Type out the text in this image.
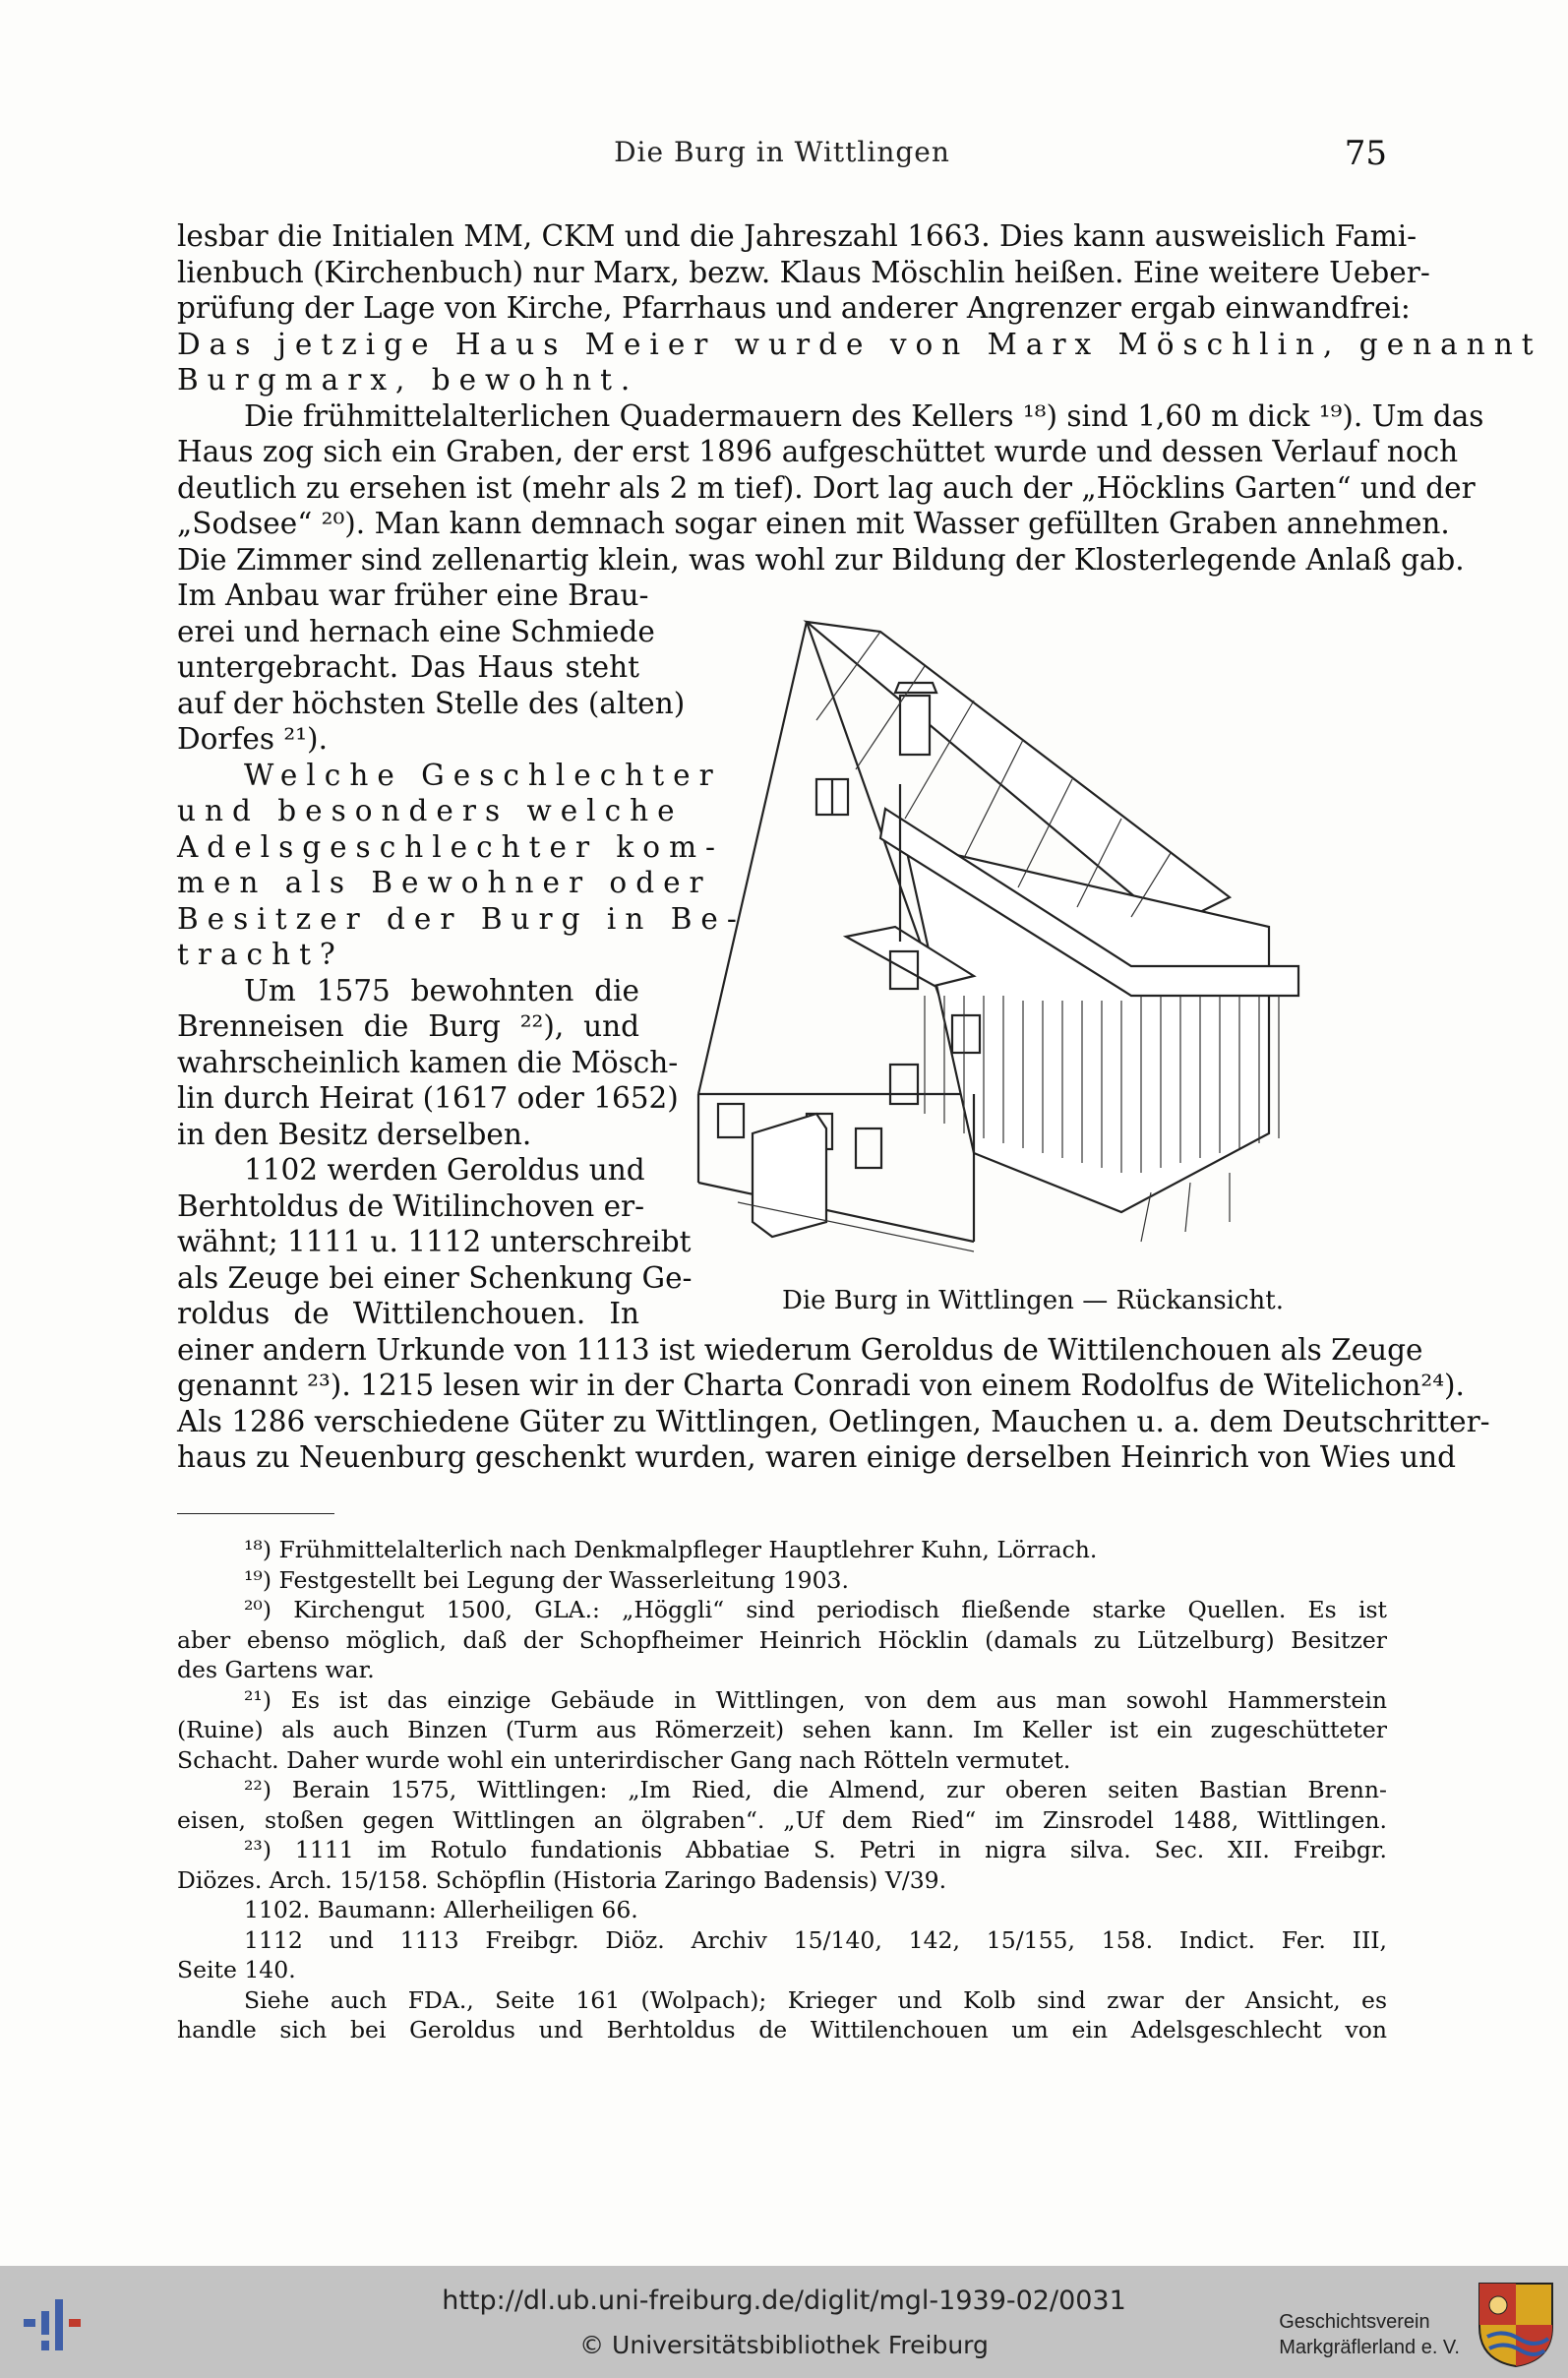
Die Burg in Wittlingen	75
lesbar die Initialen MM, CKM und die Jahreszahl 1663. Dies kann ausweislich Fami-
lienbuch (Kirchenbuch) nur Marx, bezw. Klaus Möschlin heißen. Eine weitere Ueber-
prüfung der Lage von Kirche, Pfarrhaus und anderer Angrenzer ergab einwandfrei:
Das jetzige Haus Meier wurde von Marx Möschlin, genannt
Burgmarx, bewohnt.
Die frühmittelalterlichen Quadermauern des Kellers ¹⁸) sind 1,60 m dick ¹⁹). Um das
Haus zog sich ein Graben, der erst 1896 aufgeschüttet wurde und dessen Verlauf noch
deutlich zu ersehen ist (mehr als 2 m tief). Dort lag auch der „Höcklins Garten“ und der
„Sodsee“ ²⁰). Man kann demnach sogar einen mit Wasser gefüllten Graben annehmen.
Die Zimmer sind zellenartig klein, was wohl zur Bildung der Klosterlegende Anlaß gab.
Im Anbau war früher eine Brau-
erei und hernach eine Schmiede
untergebracht. Das Haus steht
auf der höchsten Stelle des (alten)
Dorfes ²¹).
Welche Geschlechter
und besonders welche
Adelsgeschlechter kom-
men als Bewohner oder
Besitzer der Burg in Be-
tracht?
Um 1575 bewohnten die
Brenneisen die Burg ²²), und
wahrscheinlich kamen die Mösch-
lin durch Heirat (1617 oder 1652)
in den Besitz derselben.
1102 werden Geroldus und
Berhtoldus de Witilinchoven er-
wähnt; 1111 u. 1112 unterschreibt
als Zeuge bei einer Schenkung Ge-
roldus de Wittilenchouen. In
einer andern Urkunde von 1113 ist wiederum Geroldus de Wittilenchouen als Zeuge
genannt ²³). 1215 lesen wir in der Charta Conradi von einem Rodolfus de Witelichon²⁴).
Als 1286 verschiedene Güter zu Wittlingen, Oetlingen, Mauchen u. a. dem Deutschritter-
haus zu Neuenburg geschenkt wurden, waren einige derselben Heinrich von Wies und
Die Burg in Wittlingen — Rückansicht.
¹⁸) Frühmittelalterlich nach Denkmalpfleger Hauptlehrer Kuhn, Lörrach.
¹⁹) Festgestellt bei Legung der Wasserleitung 1903.
²⁰) Kirchengut 1500, GLA.: „Höggli“ sind periodisch fließende starke Quellen. Es ist
aber ebenso möglich, daß der Schopfheimer Heinrich Höcklin (damals zu Lützelburg) Besitzer
des Gartens war.
²¹) Es ist das einzige Gebäude in Wittlingen, von dem aus man sowohl Hammerstein
(Ruine) als auch Binzen (Turm aus Römerzeit) sehen kann. Im Keller ist ein zugeschütteter
Schacht. Daher wurde wohl ein unterirdischer Gang nach Rötteln vermutet.
²²) Berain 1575, Wittlingen: „Im Ried, die Almend, zur oberen seiten Bastian Brenn-
eisen, stoßen gegen Wittlingen an ölgraben“. „Uf dem Ried“ im Zinsrodel 1488, Wittlingen.
²³) 1111 im Rotulo fundationis Abbatiae S. Petri in nigra silva. Sec. XII. Freibgr.
Diözes. Arch. 15/158. Schöpflin (Historia Zaringo Badensis) V/39.
1102. Baumann: Allerheiligen 66.
1112 und 1113 Freibgr. Diöz. Archiv 15/140, 142, 15/155, 158. Indict. Fer. III,
Seite 140.
Siehe auch FDA., Seite 161 (Wolpach); Krieger und Kolb sind zwar der Ansicht, es
handle sich bei Geroldus und Berhtoldus de Wittilenchouen um ein Adelsgeschlecht von
http://dl.ub.uni-freiburg.de/diglit/mgl-1939-02/0031
© Universitätsbibliothek Freiburg
Geschichtsverein
Markgräflerland e. V.
